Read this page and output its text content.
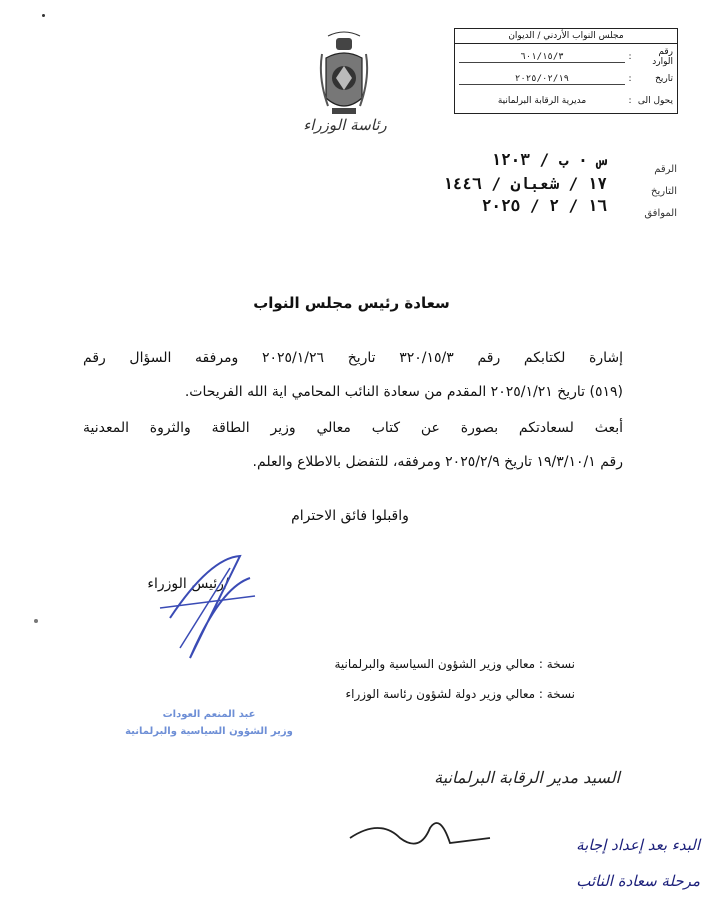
رئاسة الوزراء
مجلس النواب الأردني / الديوان
رقم الوارد
:
٦٠١/١٥/٣
تاريخ
:
٢٠٢٥/٠٢/١٩
يحول الى
:
مديرية الرقابة البرلمانية
الرقم
س ٠ ب / ١٢٠٣
التاريخ
١٧ / شعبان / ١٤٤٦
الموافق
١٦ / ٢ / ٢٠٢٥
سعادة رئيس مجلس النواب
إشارة لكتابكم رقم ٣٢٠/١٥/٣ تاريخ ٢٠٢٥/١/٢٦ ومرفقه السؤال رقم
(٥١٩) تاريخ ٢٠٢٥/١/٢١ المقدم من سعادة النائب المحامي اية الله الفريحات.
أبعث لسعادتكم بصورة عن كتاب معالي وزير الطاقة والثروة المعدنية
رقم ١٩/٣/١٠/١ تاريخ ٢٠٢٥/٢/٩ ومرفقه، للتفضل بالاطلاع والعلم.
واقبلوا فائق الاحترام
/رئيس الوزراء
نسخة : معالي وزير الشؤون السياسية والبرلمانية
نسخة : معالي وزير دولة لشؤون رئاسة الوزراء
عبد المنعم العودات
وزير الشؤون السياسية والبرلمانية
السيد مدير الرقابة البرلمانية
البدء بعد إعداد إجابة
مرحلة سعادة النائب
